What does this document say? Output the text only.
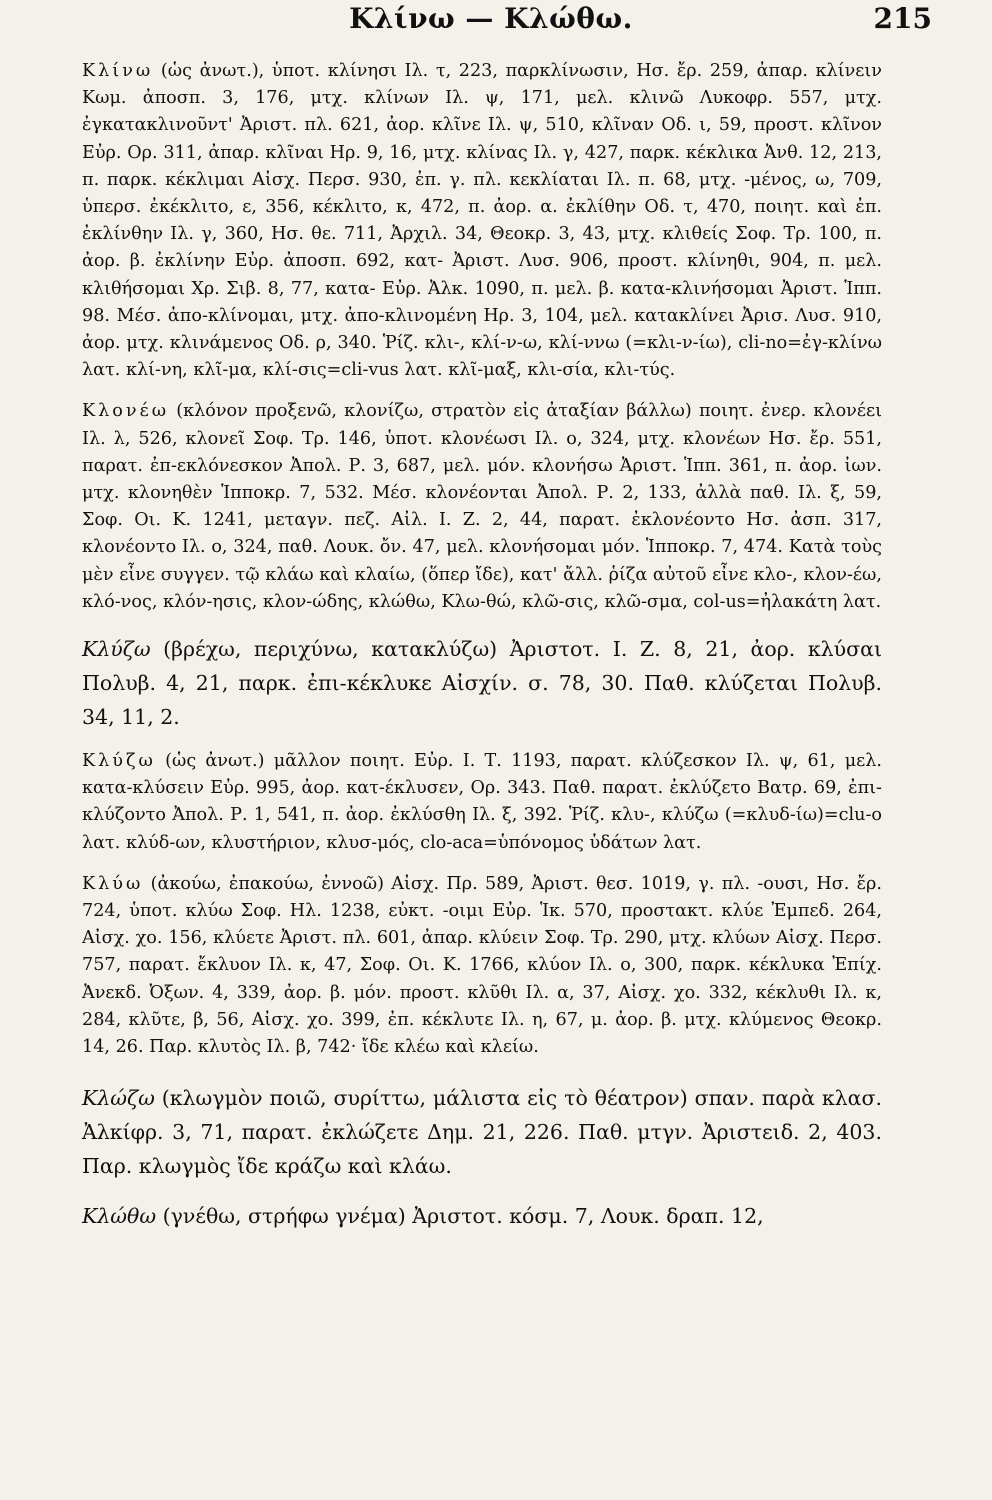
Κλίνω — Κλώθω.	215

Κλίνω (ὡς ἀνωτ.), ὑποτ. κλίνησι Ιλ. τ, 223, παρκλίνωσιν, Ησ. ἔρ. 259, ἀπαρ. κλίνειν Κωμ. ἀποσπ. 3, 176, μτχ. κλίνων Ιλ. ψ, 171, μελ. κλινῶ Λυκοφρ. 557, μτχ. ἐγκατακλινοῦντ' Ἀριστ. πλ. 621, ἀορ. κλῖνε Ιλ. ψ, 510, κλῖναν Οδ. ι, 59, προστ. κλῖνον Εὐρ. Ορ. 311, ἀπαρ. κλῖναι Ηρ. 9, 16, μτχ. κλίνας Ιλ. γ, 427, παρκ. κέκλικα Ἀνθ. 12, 213, π. παρκ. κέκλιμαι Αἰσχ. Περσ. 930, ἐπ. γ. πλ. κεκλίαται Ιλ. π. 68, μτχ. -μένος, ω, 709, ὑπερσ. ἐκέκλιτο, ε, 356, κέκλιτο, κ, 472, π. ἀορ. α. ἐκλίθην Οδ. τ, 470, ποιητ. καὶ ἐπ. ἐκλίνθην Ιλ. γ, 360, Ησ. θε. 711, Ἀρχιλ. 34, Θεοκρ. 3, 43, μτχ. κλιθείς Σοφ. Τρ. 100, π. ἀορ. β. ἐκλίνην Εὐρ. ἀποσπ. 692, κατ- Ἀριστ. Λυσ. 906, προστ. κλίνηθι, 904, π. μελ. κλιθήσομαι Χρ. Σιβ. 8, 77, κατα- Εὐρ. Ἀλκ. 1090, π. μελ. β. κατα-κλινήσομαι Ἀριστ. Ἱππ. 98. Μέσ. ἀπο-κλίνομαι, μτχ. ἀπο-κλινομένη Ηρ. 3, 104, μελ. κατακλίνει Ἀρισ. Λυσ. 910, ἀορ. μτχ. κλινάμενος Οδ. ρ, 340. Ῥίζ. κλι-, κλί-ν-ω, κλί-ννω (=κλι-ν-ίω), cli-no=ἐγ-κλίνω λατ. κλί-νη, κλῖ-μα, κλί-σις=cli-vus λατ. κλῖ-μαξ, κλι-σία, κλι-τύς.

Κλονέω (κλόνον προξενῶ, κλονίζω, στρατὸν εἰς ἀταξίαν βάλλω) ποιητ. ἐνερ. κλονέει Ιλ. λ, 526, κλονεῖ Σοφ. Τρ. 146, ὑποτ. κλονέωσι Ιλ. ο, 324, μτχ. κλονέων Ησ. ἔρ. 551, παρατ. ἐπ-εκλόνεσκον Ἀπολ. Ρ. 3, 687, μελ. μόν. κλονήσω Ἀριστ. Ἱππ. 361, π. ἀορ. ἰων. μτχ. κλονηθὲν Ἱπποκρ. 7, 532. Μέσ. κλονέονται Ἀπολ. Ρ. 2, 133, ἀλλὰ παθ. Ιλ. ξ, 59, Σοφ. Οι. Κ. 1241, μεταγν. πεζ. Αἰλ. Ι. Ζ. 2, 44, παρατ. ἐκλονέοντο Ησ. ἀσπ. 317, κλονέοντο Ιλ. ο, 324, παθ. Λουκ. ὄν. 47, μελ. κλονήσομαι μόν. Ἱπποκρ. 7, 474. Κατὰ τοὺς μὲν εἶνε συγγεν. τῷ κλάω καὶ κλαίω, (ὅπερ ἴδε), κατ' ἄλλ. ῥίζα αὐτοῦ εἶνε κλο-, κλον-έω, κλό-νος, κλόν-ησις, κλον-ώδης, κλώθω, Κλω-θώ, κλῶ-σις, κλῶ-σμα, col-us=ἠλακάτη λατ.

Κλύζω (βρέχω, περιχύνω, κατακλύζω) Ἀριστοτ. Ι. Ζ. 8, 21, ἀορ. κλύσαι Πολυβ. 4, 21, παρκ. ἐπι-κέκλυκε Αἰσχίν. σ. 78, 30. Παθ. κλύζεται Πολυβ. 34, 11, 2.

Κλύζω (ὡς ἀνωτ.) μᾶλλον ποιητ. Εὐρ. Ι. Τ. 1193, παρατ. κλύζεσκον Ιλ. ψ, 61, μελ. κατα-κλύσειν Εὐρ. 995, ἀορ. κατ-έκλυσεν, Ορ. 343. Παθ. παρατ. ἐκλύζετο Βατρ. 69, ἐπι-κλύζοντο Ἀπολ. Ρ. 1, 541, π. ἀορ. ἐκλύσθη Ιλ. ξ, 392. Ῥίζ. κλυ-, κλύζω (=κλυδ-ίω)=clu-o λατ. κλύδ-ων, κλυστήριον, κλυσ-μός, clo-aca=ὑπόνομος ὑδάτων λατ.

Κλύω (ἀκούω, ἐπακούω, ἐννοῶ) Αἰσχ. Πρ. 589, Ἀριστ. θεσ. 1019, γ. πλ. -ουσι, Ησ. ἔρ. 724, ὑποτ. κλύω Σοφ. Ηλ. 1238, εὐκτ. -οιμι Εὐρ. Ἱκ. 570, προστακτ. κλύε Ἐμπεδ. 264, Αἰσχ. χο. 156, κλύετε Ἀριστ. πλ. 601, ἀπαρ. κλύειν Σοφ. Τρ. 290, μτχ. κλύων Αἰσχ. Περσ. 757, παρατ. ἔκλυον Ιλ. κ, 47, Σοφ. Οι. Κ. 1766, κλύον Ιλ. ο, 300, παρκ. κέκλυκα Ἐπίχ. Ἀνεκδ. Ὀξων. 4, 339, ἀορ. β. μόν. προστ. κλῦθι Ιλ. α, 37, Αἰσχ. χο. 332, κέκλυθι Ιλ. κ, 284, κλῦτε, β, 56, Αἰσχ. χο. 399, ἐπ. κέκλυτε Ιλ. η, 67, μ. ἀορ. β. μτχ. κλύμενος Θεοκρ. 14, 26. Παρ. κλυτὸς Ιλ. β, 742· ἴδε κλέω καὶ κλείω.

Κλώζω (κλωγμὸν ποιῶ, συρίττω, μάλιστα εἰς τὸ θέατρον) σπαν. παρὰ κλασ. Ἀλκίφρ. 3, 71, παρατ. ἐκλώζετε Δημ. 21, 226. Παθ. μτγν. Ἀριστειδ. 2, 403. Παρ. κλωγμὸς ἴδε κράζω καὶ κλάω.

Κλώθω (γνέθω, στρήφω γνέμα) Ἀριστοτ. κόσμ. 7, Λουκ. δραπ. 12,
